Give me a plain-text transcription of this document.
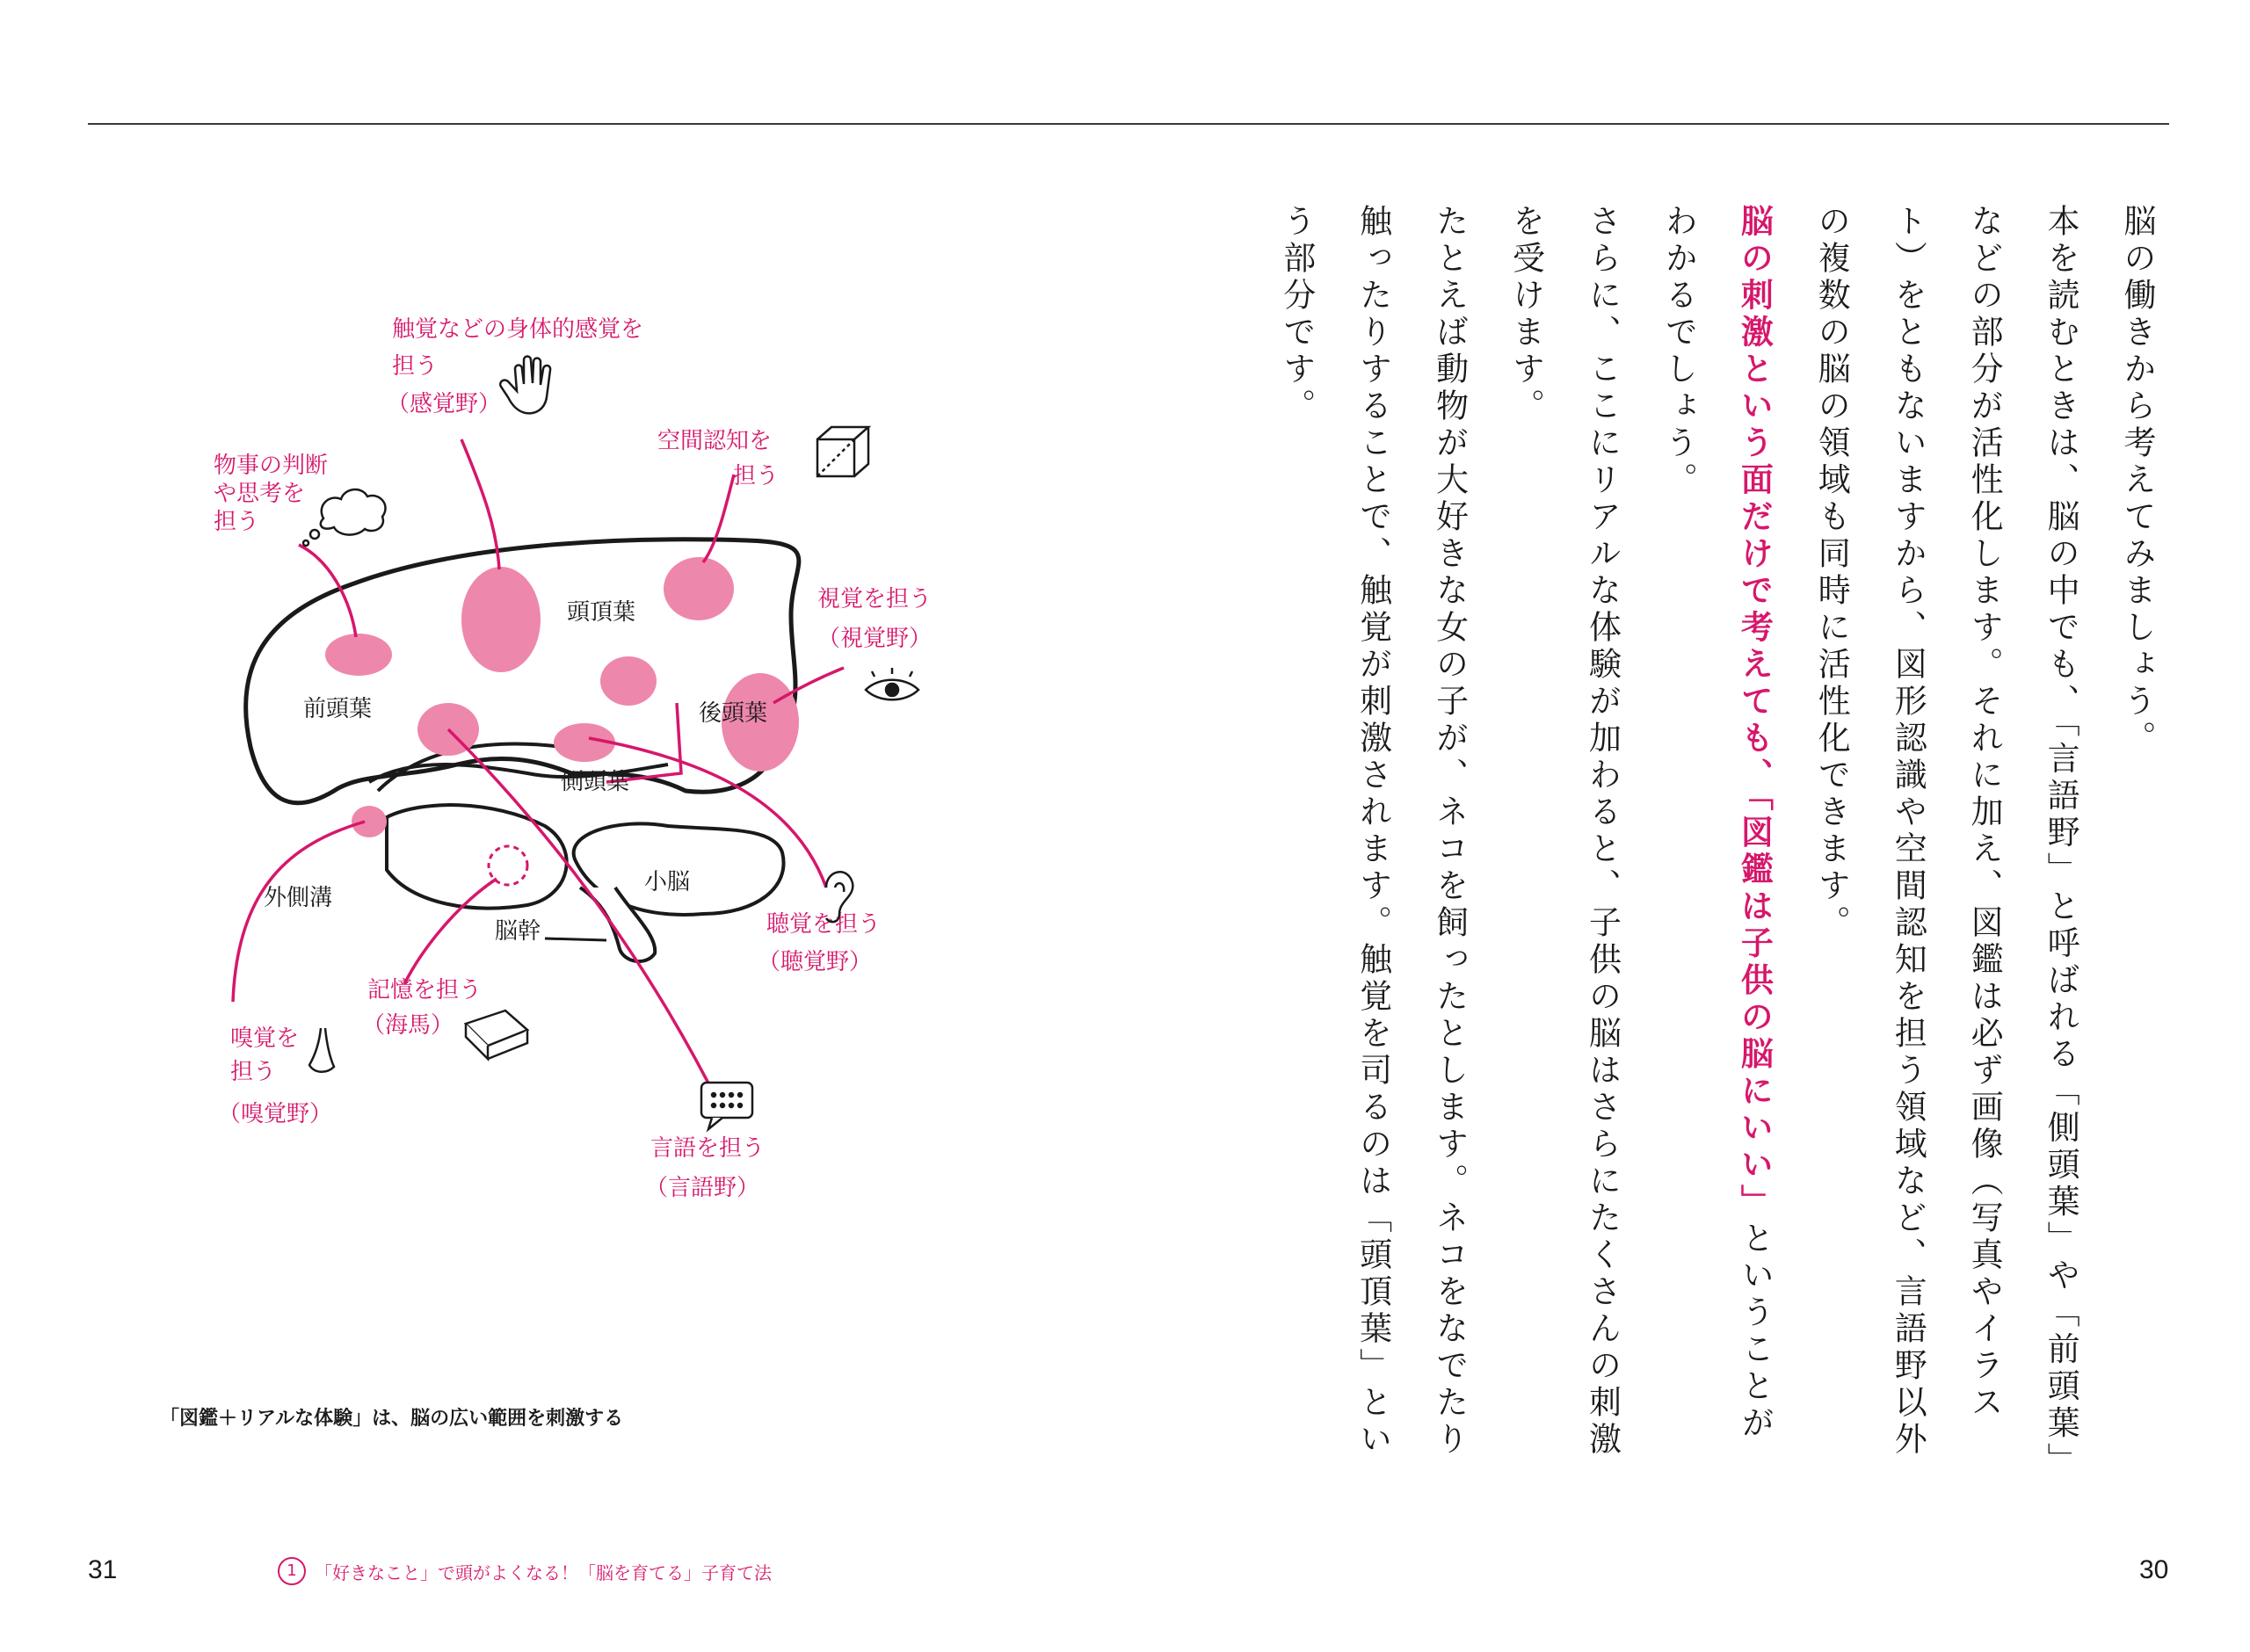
前頭葉
頭頂葉
後頭葉
側頭葉
小脳
脳幹
外側溝
物事の判断
や思考を
担う
触覚などの身体的感覚を
担う
（感覚野）
空間認知を
担う
視覚を担う
（視覚野）
聴覚を担う
（聴覚野）
記憶を担う
（海馬）
嗅覚を
担う
（嗅覚野）
言語を担う
（言語野）
「図鑑＋リアルな体験」は、脳の広い範囲を刺激する

脳の働きから考えてみましょう。

本を読むときは、脳の中でも、「言語野」と呼ばれる「側頭葉」や「前頭葉」などの部分が活性化します。それに加え、図鑑は必ず画像（写真やイラスト）をともないますから、図形認識や空間認知を担う領域など、言語野以外の複数の脳の領域も同時に活性化できます。

脳の刺激という面だけで考えても、「図鑑は子供の脳にいい」ということがわかるでしょう。

さらに、ここにリアルな体験が加わると、子供の脳はさらにたくさんの刺激を受けます。

たとえば動物が大好きな女の子が、ネコを飼ったとします。ネコをなでたり触ったりすることで、触覚が刺激されます。触覚を司るのは「頭頂葉」という部分です。

31	1	「好きなこと」で頭がよくなる！「脳を育てる」子育て法	30
